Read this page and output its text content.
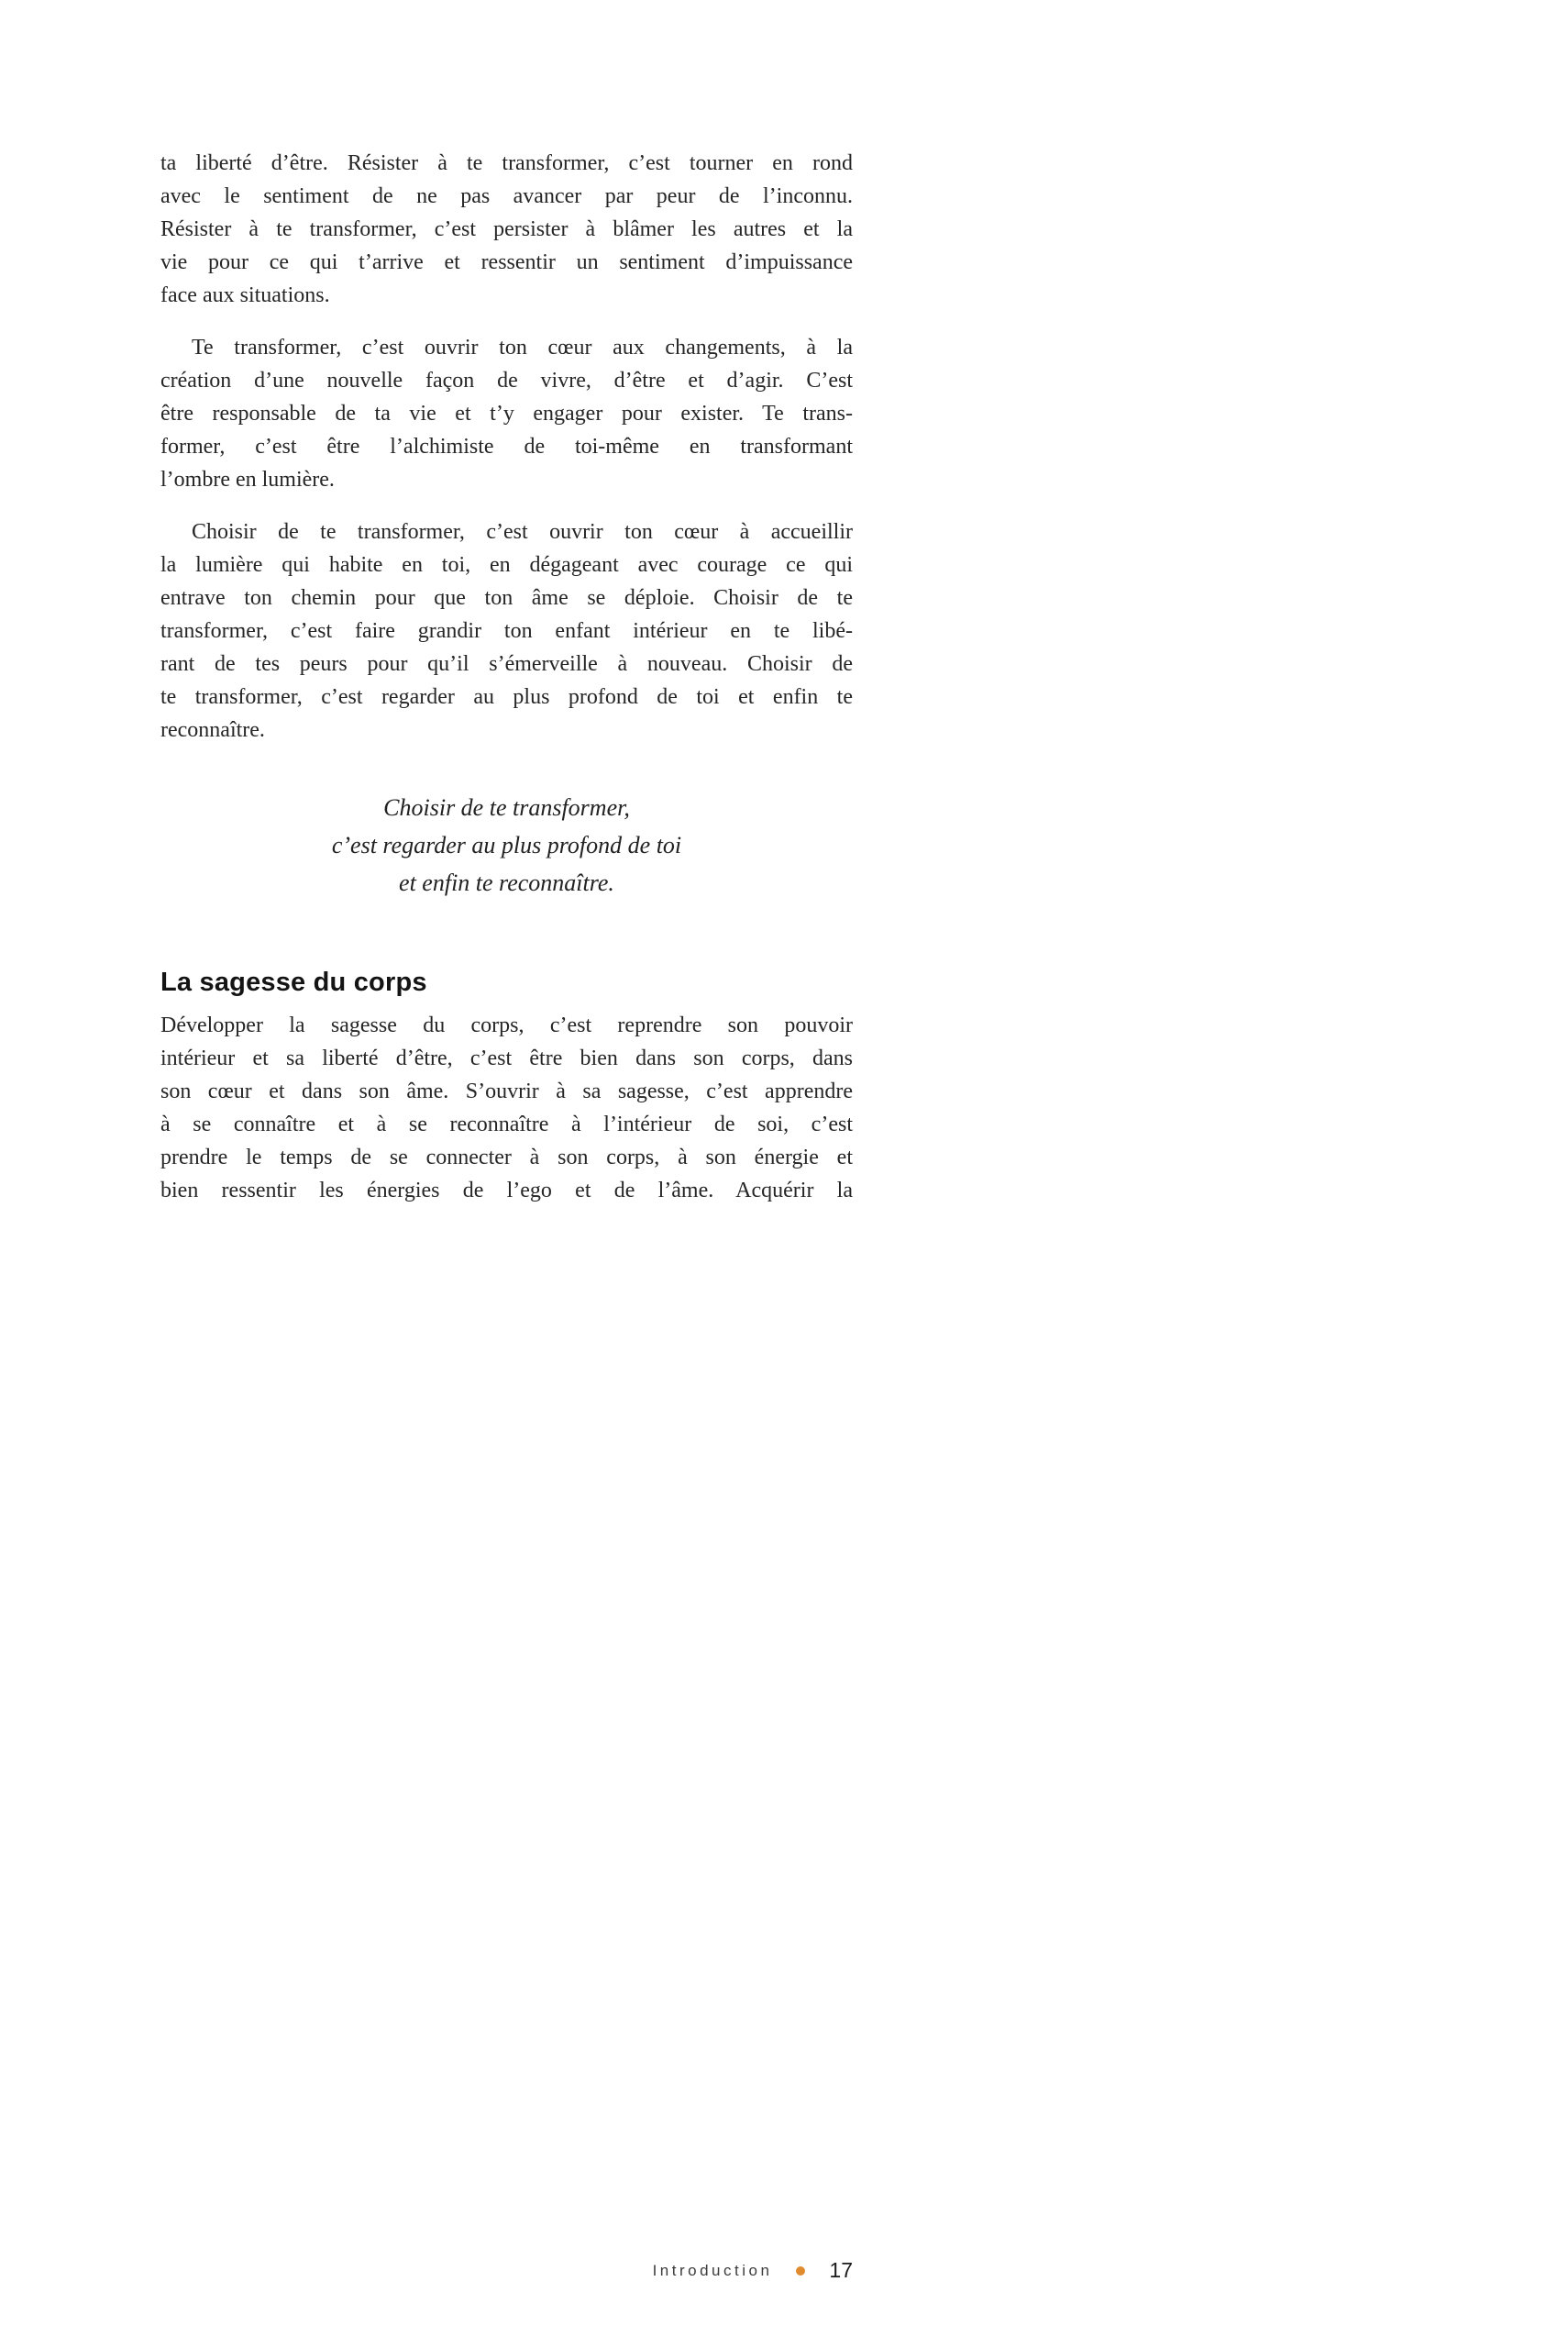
ta liberté d’être. Résister à te transformer, c’est tourner en rond
avec le sentiment de ne pas avancer par peur de l’inconnu.
Résister à te transformer, c’est persister à blâmer les autres et la
vie pour ce qui t’arrive et ressentir un sentiment d’impuissance
face aux situations.
Te transformer, c’est ouvrir ton cœur aux changements, à la
création d’une nouvelle façon de vivre, d’être et d’agir. C’est
être responsable de ta vie et t’y engager pour exister. Te trans-
former, c’est être l’alchimiste de toi-même en transformant
l’ombre en lumière.
Choisir de te transformer, c’est ouvrir ton cœur à accueillir
la lumière qui habite en toi, en dégageant avec courage ce qui
entrave ton chemin pour que ton âme se déploie. Choisir de te
transformer, c’est faire grandir ton enfant intérieur en te libé-
rant de tes peurs pour qu’il s’émerveille à nouveau. Choisir de
te transformer, c’est regarder au plus profond de toi et enfin te
reconnaître.
Choisir de te transformer,
c’est regarder au plus profond de toi
et enfin te reconnaître.
La sagesse du corps
Développer la sagesse du corps, c’est reprendre son pouvoir
intérieur et sa liberté d’être, c’est être bien dans son corps, dans
son cœur et dans son âme. S’ouvrir à sa sagesse, c’est apprendre
à se connaître et à se reconnaître à l’intérieur de soi, c’est
prendre le temps de se connecter à son corps, à son énergie et
bien ressentir les énergies de l’ego et de l’âme. Acquérir la
Introduction	17
